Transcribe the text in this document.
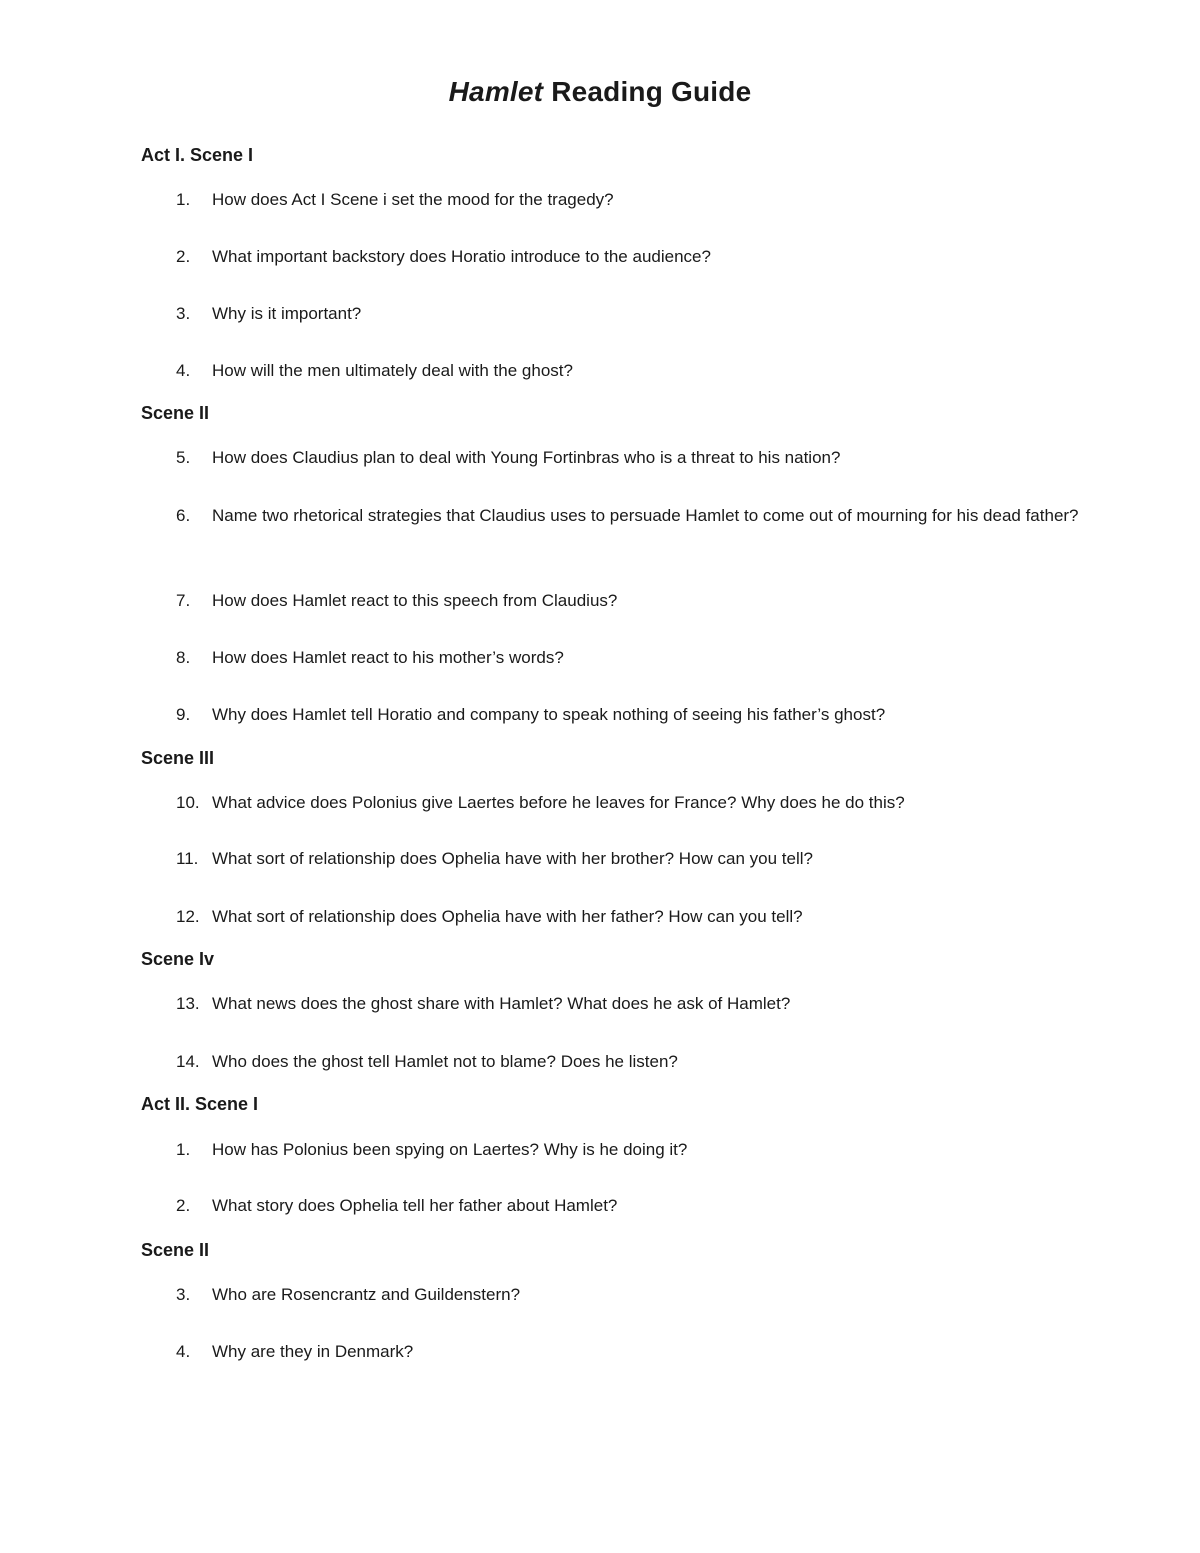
Hamlet Reading Guide
Act I. Scene I
1. How does Act I Scene i set the mood for the tragedy?
2. What important backstory does Horatio introduce to the audience?
3. Why is it important?
4. How will the men ultimately deal with the ghost?
Scene II
5. How does Claudius plan to deal with Young Fortinbras who is a threat to his nation?
6. Name two rhetorical strategies that Claudius uses to persuade Hamlet to come out of mourning for his dead father?
7. How does Hamlet react to this speech from Claudius?
8. How does Hamlet react to his mother’s words?
9. Why does Hamlet tell Horatio and company to speak nothing of seeing his father’s ghost?
Scene III
10. What advice does Polonius give Laertes before he leaves for France? Why does he do this?
11. What sort of relationship does Ophelia have with her brother? How can you tell?
12. What sort of relationship does Ophelia have with her father? How can you tell?
Scene Iv
13. What news does the ghost share with Hamlet? What does he ask of Hamlet?
14. Who does the ghost tell Hamlet not to blame? Does he listen?
Act II. Scene I
1. How has Polonius been spying on Laertes? Why is he doing it?
2. What story does Ophelia tell her father about Hamlet?
Scene II
3. Who are Rosencrantz and Guildenstern?
4. Why are they in Denmark?
